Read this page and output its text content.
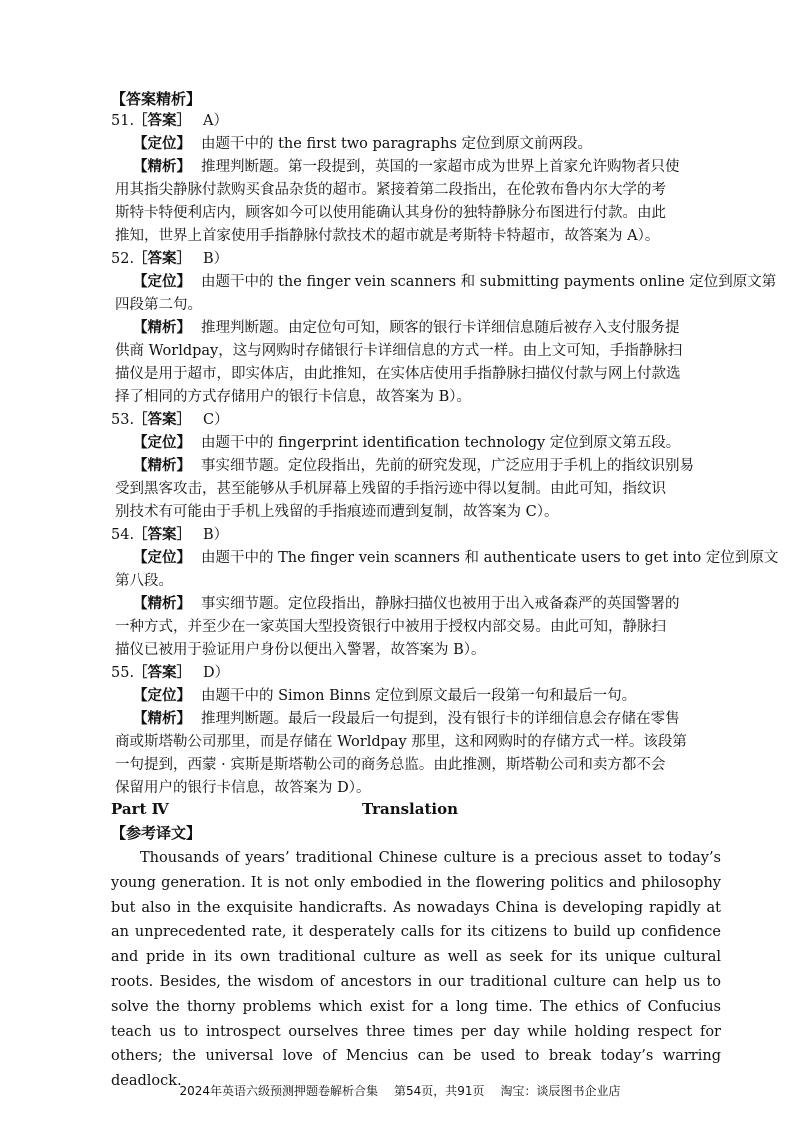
【答案精析】
51.［答案］ A）
【定位】 由题干中的 the first two paragraphs 定位到原文前两段。
【精析】 推理判断题。第一段提到，英国的一家超市成为世界上首家允许购物者只使
用其指尖静脉付款购买食品杂货的超市。紧接着第二段指出，在伦敦布鲁内尔大学的考
斯特卡特便利店内，顾客如今可以使用能确认其身份的独特静脉分布图进行付款。由此
推知，世界上首家使用手指静脉付款技术的超市就是考斯特卡特超市，故答案为 A）。
52.［答案］ B）
【定位】 由题干中的 the finger vein scanners 和 submitting payments online 定位到原文第
四段第二句。
【精析】 推理判断题。由定位句可知，顾客的银行卡详细信息随后被存入支付服务提
供商 Worldpay，这与网购时存储银行卡详细信息的方式一样。由上文可知，手指静脉扫
描仪是用于超市，即实体店，由此推知，在实体店使用手指静脉扫描仪付款与网上付款选
择了相同的方式存储用户的银行卡信息，故答案为 B）。
53.［答案］ C）
【定位】 由题干中的 fingerprint identification technology 定位到原文第五段。
【精析】 事实细节题。定位段指出，先前的研究发现，广泛应用于手机上的指纹识别易
受到黑客攻击，甚至能够从手机屏幕上残留的手指污迹中得以复制。由此可知，指纹识
别技术有可能由于手机上残留的手指痕迹而遭到复制，故答案为 C）。
54.［答案］ B）
【定位】 由题干中的 The finger vein scanners 和 authenticate users to get into 定位到原文
第八段。
【精析】 事实细节题。定位段指出，静脉扫描仪也被用于出入戒备森严的英国警署的
一种方式，并至少在一家英国大型投资银行中被用于授权内部交易。由此可知，静脉扫
描仪已被用于验证用户身份以便出入警署，故答案为 B）。
55.［答案］ D）
【定位】 由题干中的 Simon Binns 定位到原文最后一段第一句和最后一句。
【精析】 推理判断题。最后一段最后一句提到，没有银行卡的详细信息会存储在零售
商或斯塔勒公司那里，而是存储在 Worldpay 那里，这和网购时的存储方式一样。该段第
一句提到，西蒙 · 宾斯是斯塔勒公司的商务总监。由此推测，斯塔勒公司和卖方都不会
保留用户的银行卡信息，故答案为 D）。
Part Ⅳ	Translation
【参考译文】

Thousands of years’ traditional Chinese culture is a precious asset to today’s young generation. It is not only embodied in the flowering politics and philosophy but also in the exquisite handicrafts. As nowadays China is developing rapidly at an unprecedented rate, it desperately calls for its citizens to build up confidence and pride in its own traditional culture as well as seek for its unique cultural roots. Besides, the wisdom of ancestors in our traditional culture can help us to solve the thorny problems which exist for a long time. The ethics of Confucius teach us to introspect ourselves three times per day while holding respect for others; the universal love of Mencius can be used to break today’s warring deadlock.

2024年英语六级预测押题卷解析合集 第54页，共91页 淘宝：谈辰图书企业店
